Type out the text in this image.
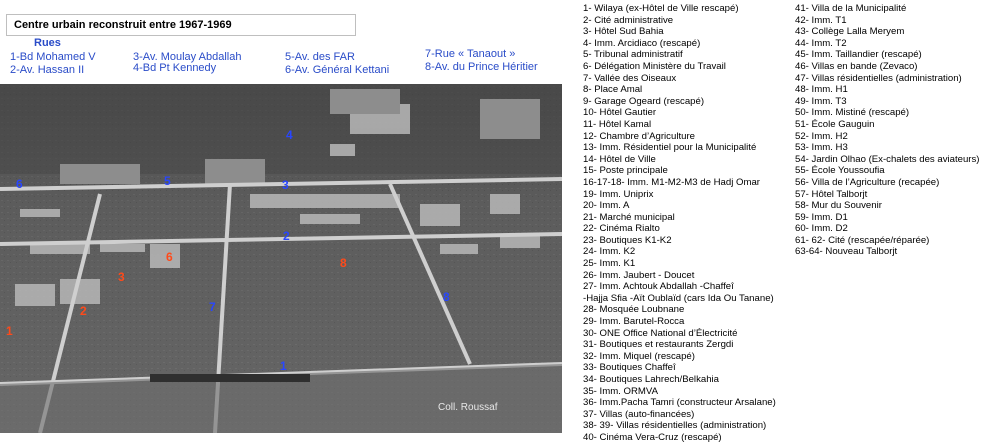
Centre urbain reconstruit entre 1967-1969
Rues
1-Bd Mohamed V
2-Av. Hassan II
3-Av. Moulay Abdallah
4-Bd Pt Kennedy
5-Av. des FAR
6-Av. Général Kettani
7-Rue « Tanaout »
8-Av. du Prince Héritier
1
2
3
6	8
1
2
3
4
5
6
7
8
Coll. Roussaf
1- Wilaya (ex-Hôtel de Ville rescapé)
2- Cité administrative
3- Hôtel Sud Bahia
4- Imm. Arcidiaco (rescapé)
5- Tribunal administratif
6- Délégation Ministère du Travail
7- Vallée des Oiseaux
8- Place Amal
9- Garage Ogeard (rescapé)
10- Hôtel Gautier
11- Hôtel Kamal
12- Chambre d’Agriculture
13- Imm. Résidentiel pour la Municipalité
14- Hôtel de Ville
15- Poste principale
16-17-18- Imm. M1-M2-M3 de Hadj Omar
19- Imm. Uniprix
20- Imm. A
21- Marché municipal
22- Cinéma Rialto
23- Boutiques K1-K2
24- Imm. K2
25- Imm. K1
26- Imm. Jaubert - Doucet
27- Imm. Achtouk Abdallah -Chaffeî
-Hajja Sfia -Aït Oublaïd (cars Ida Ou Tanane)
28- Mosquée Loubnane
29- Imm. Barutel-Rocca
30- ONE Office National d’Électricité
31- Boutiques et restaurants Zergdi
32- Imm. Miquel (rescapé)
33- Boutiques Chaffeî
34- Boutiques Lahrech/Belkahia
35- Imm. ORMVA
36- Imm.Pacha Tamri (constructeur Arsalane)
37- Villas (auto-financées)
38- 39- Villas résidentielles (administration)
40- Cinéma Vera-Cruz (rescapé)
41- Villa de la Municipalité
42- Imm. T1
43- Collège Lalla Meryem
44- Imm. T2
45- Imm. Taillandier (rescapé)
46- Villas en bande (Zevaco)
47- Villas résidentielles (administration)
48- Imm. H1
49- Imm. T3
50- Imm. Mistiné (rescapé)
51- École Gauguin
52- Imm. H2
53- Imm. H3
54- Jardin Olhao (Ex-chalets des aviateurs)
55- École Youssoufia
56- Villa de l’Agriculture (recapée)
57- Hôtel Talborjt
58- Mur du Souvenir
59- Imm. D1
60- Imm. D2
61- 62- Cité (rescapée/réparée)
63-64- Nouveau Talborjt
